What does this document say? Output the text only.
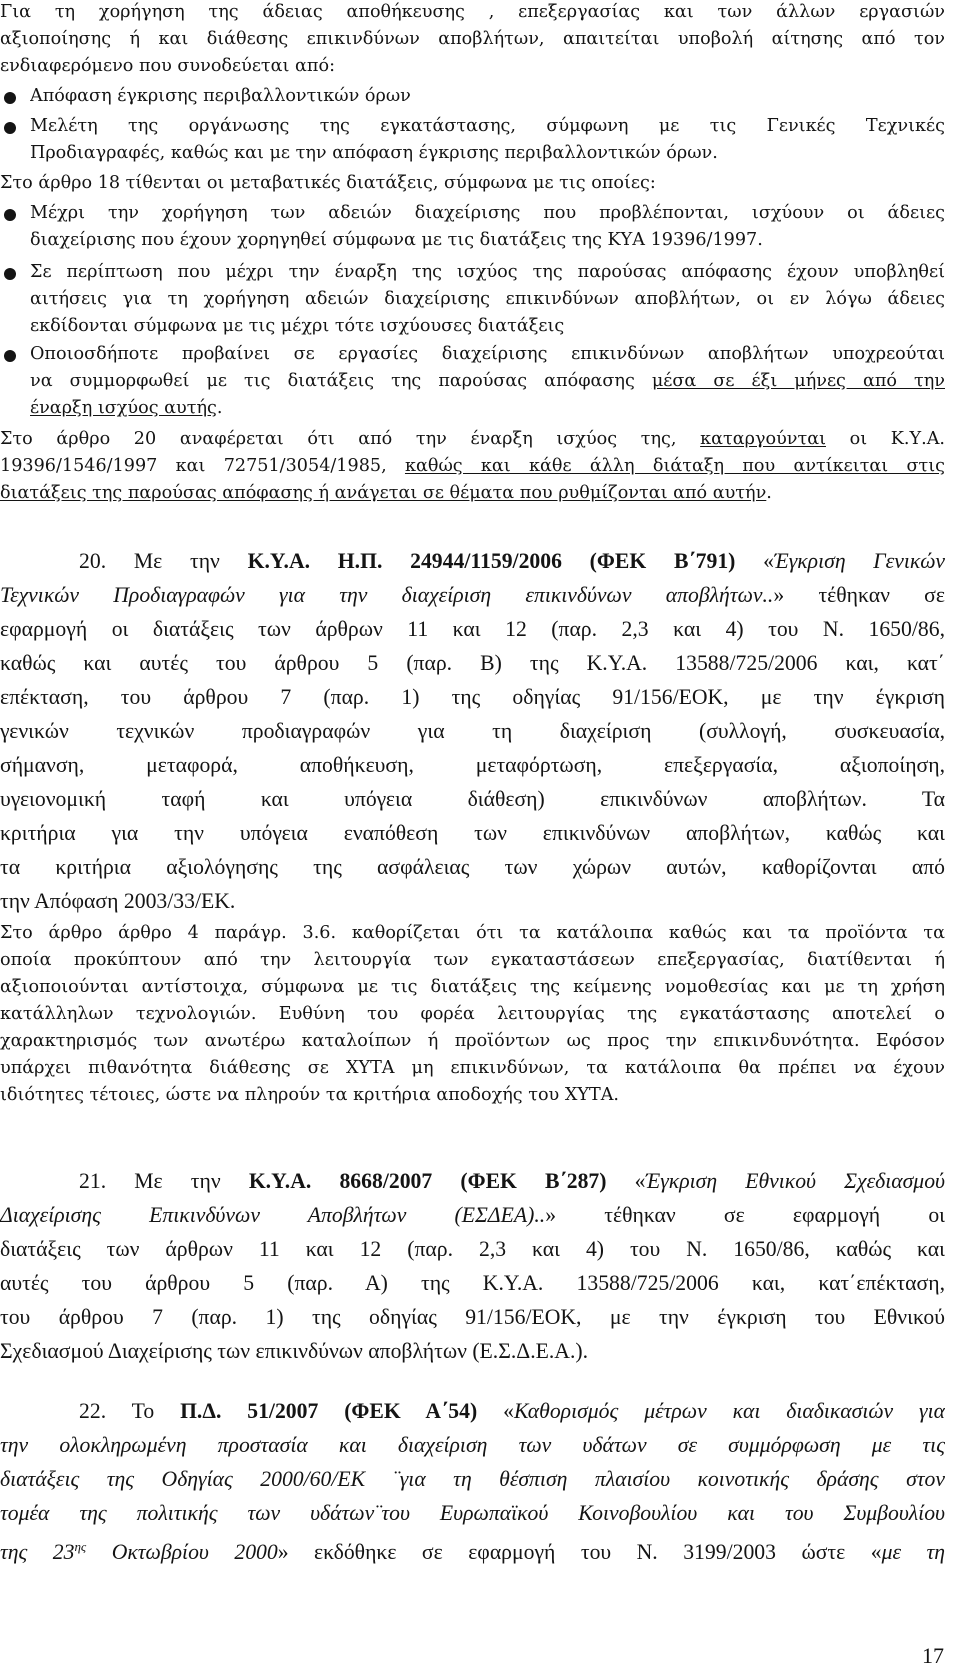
Για τη χορήγηση της άδειας αποθήκευσης , επεξεργασίας και των άλλων εργασιών
αξιοποίησης ή και διάθεσης επικινδύνων αποβλήτων, απαιτείται υποβολή αίτησης από τον
ενδιαφερόμενο που συνοδεύεται από:
Απόφαση έγκρισης περιβαλλοντικών όρων
Μελέτη της οργάνωσης της εγκατάστασης, σύμφωνη με τις Γενικές Τεχνικές
Προδιαγραφές, καθώς και με την απόφαση έγκρισης περιβαλλοντικών όρων.
Στο άρθρο 18 τίθενται οι μεταβατικές διατάξεις, σύμφωνα με τις οποίες:
Μέχρι την χορήγηση των αδειών διαχείρισης που προβλέπονται, ισχύουν οι άδειες
διαχείρισης που έχουν χορηγηθεί σύμφωνα με τις διατάξεις της ΚΥΑ 19396/1997.
Σε περίπτωση που μέχρι την έναρξη της ισχύος της παρούσας απόφασης έχουν υποβληθεί
αιτήσεις για τη χορήγηση αδειών διαχείρισης επικινδύνων αποβλήτων, οι εν λόγω άδειες
εκδίδονται σύμφωνα με τις μέχρι τότε ισχύουσες διατάξεις
Οποιοσδήποτε προβαίνει σε εργασίες διαχείρισης επικινδύνων αποβλήτων υποχρεούται
να συμμορφωθεί με τις διατάξεις της παρούσας απόφασης μέσα σε έξι μήνες από την
έναρξη ισχύος αυτής.
Στο άρθρο 20 αναφέρεται ότι από την έναρξη ισχύος της, καταργούνται οι Κ.Υ.Α.
19396/1546/1997 και 72751/3054/1985, καθώς και κάθε άλλη διάταξη που αντίκειται στις
διατάξεις της παρούσας απόφασης ή ανάγεται σε θέματα που ρυθμίζονται από αυτήν.
20. Με την Κ.Υ.Α. Η.Π. 24944/1159/2006 (ΦΕΚ Β΄791) «Έγκριση Γενικών
Τεχνικών Προδιαγραφών για την διαχείριση επικινδύνων αποβλήτων..» τέθηκαν σε
εφαρμογή οι διατάξεις των άρθρων 11 και 12 (παρ. 2,3 και 4) του Ν. 1650/86,
καθώς και αυτές του άρθρου 5 (παρ. Β) της Κ.Υ.Α. 13588/725/2006 και, κατ΄
επέκταση, του άρθρου 7 (παρ. 1) της οδηγίας 91/156/ΕΟΚ, με την έγκριση
γενικών τεχνικών προδιαγραφών για τη διαχείριση (συλλογή, συσκευασία,
σήμανση, μεταφορά, αποθήκευση, μεταφόρτωση, επεξεργασία, αξιοποίηση,
υγειονομική ταφή και υπόγεια διάθεση) επικινδύνων αποβλήτων. Τα
κριτήρια για την υπόγεια εναπόθεση των επικινδύνων αποβλήτων, καθώς και
τα κριτήρια αξιολόγησης της ασφάλειας των χώρων αυτών, καθορίζονται από
την Απόφαση 2003/33/ΕΚ.
Στο άρθρο άρθρο 4 παράγρ. 3.6. καθορίζεται ότι τα κατάλοιπα καθώς και τα προϊόντα τα
οποία προκύπτουν από την λειτουργία των εγκαταστάσεων επεξεργασίας, διατίθενται ή
αξιοποιούνται αντίστοιχα, σύμφωνα με τις διατάξεις της κείμενης νομοθεσίας και με τη χρήση
κατάλληλων τεχνολογιών. Ευθύνη του φορέα λειτουργίας της εγκατάστασης αποτελεί ο
χαρακτηρισμός των ανωτέρω καταλοίπων ή προϊόντων ως προς την επικινδυνότητα. Εφόσον
υπάρχει πιθανότητα διάθεσης σε ΧΥΤΑ μη επικινδύνων, τα κατάλοιπα θα πρέπει να έχουν
ιδιότητες τέτοιες, ώστε να πληρούν τα κριτήρια αποδοχής του ΧΥΤΑ.
21. Με την Κ.Υ.Α. 8668/2007 (ΦΕΚ Β΄287) «Έγκριση Εθνικού Σχεδιασμού
Διαχείρισης Επικινδύνων Αποβλήτων (ΕΣΔΕΑ)..» τέθηκαν σε εφαρμογή οι
διατάξεις των άρθρων 11 και 12 (παρ. 2,3 και 4) του Ν. 1650/86, καθώς και
αυτές του άρθρου 5 (παρ. Α) της Κ.Υ.Α. 13588/725/2006 και, κατ΄επέκταση,
του άρθρου 7 (παρ. 1) της οδηγίας 91/156/ΕΟΚ, με την έγκριση του Εθνικού
Σχεδιασμού Διαχείρισης των επικινδύνων αποβλήτων (Ε.Σ.Δ.Ε.Α.).
22. Το Π.Δ. 51/2007 (ΦΕΚ Α΄54) «Καθορισμός μέτρων και διαδικασιών για
την ολοκληρωμένη προστασία και διαχείριση των υδάτων σε συμμόρφωση με τις
διατάξεις της Οδηγίας 2000/60/ΕΚ ¨για τη θέσπιση πλαισίου κοινοτικής δράσης στον
τομέα της πολιτικής των υδάτων¨του Ευρωπαϊκού Κοινοβουλίου και του Συμβουλίου
της $23^{\eta\varsigma}$ Οκτωβρίου 2000» εκδόθηκε σε εφαρμογή του Ν. 3199/2003 ώστε «με τη
17
